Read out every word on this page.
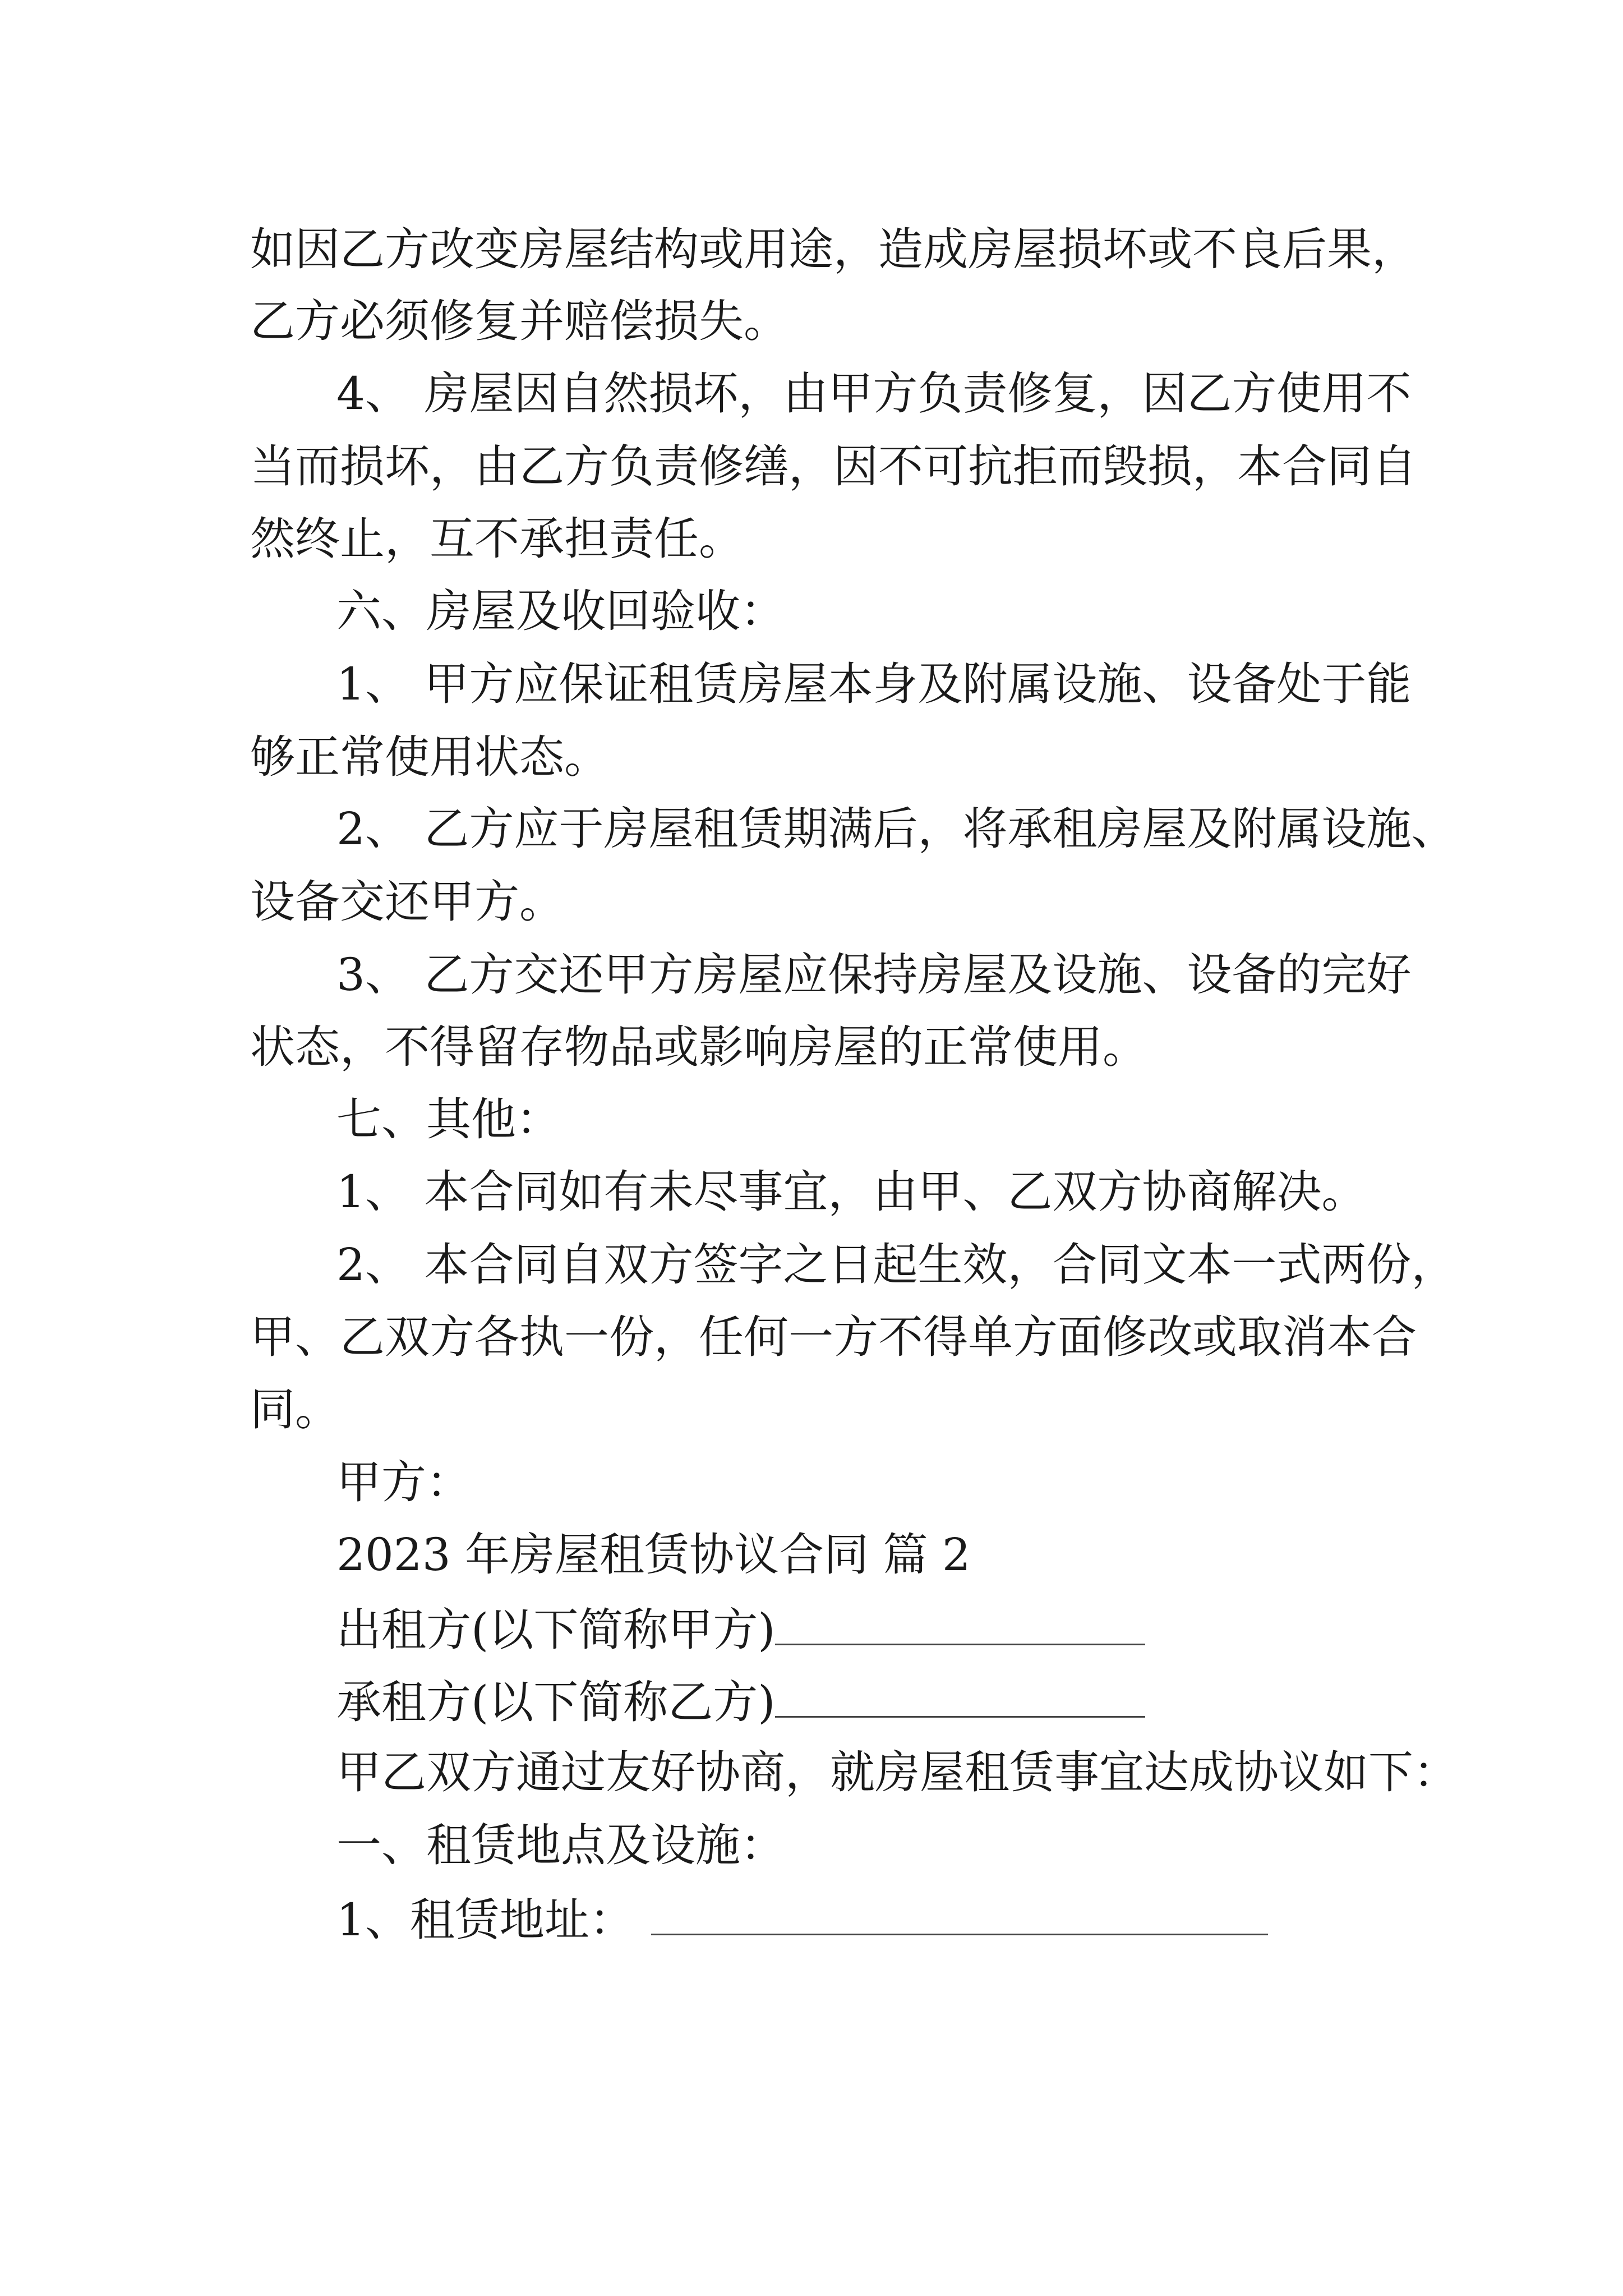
如因乙方改变房屋结构或用途，造成房屋损坏或不良后果，

乙方必须修复并赔偿损失。

4、 房屋因自然损坏，由甲方负责修复，因乙方使用不

当而损坏，由乙方负责修缮，因不可抗拒而毁损，本合同自

然终止，互不承担责任。

六、房屋及收回验收：

1、 甲方应保证租赁房屋本身及附属设施、设备处于能

够正常使用状态。

2、 乙方应于房屋租赁期满后，将承租房屋及附属设施、

设备交还甲方。

3、 乙方交还甲方房屋应保持房屋及设施、设备的完好

状态，不得留存物品或影响房屋的正常使用。

七、其他：

1、 本合同如有未尽事宜，由甲、乙双方协商解决。

2、 本合同自双方签字之日起生效，合同文本一式两份，

甲、乙双方各执一份，任何一方不得单方面修改或取消本合

同。

甲方：

2023 年房屋租赁协议合同 篇 2

出租方(以下简称甲方)
承租方(以下简称乙方)

甲乙双方通过友好协商，就房屋租赁事宜达成协议如下：

一、租赁地点及设施：

1、租赁地址：
